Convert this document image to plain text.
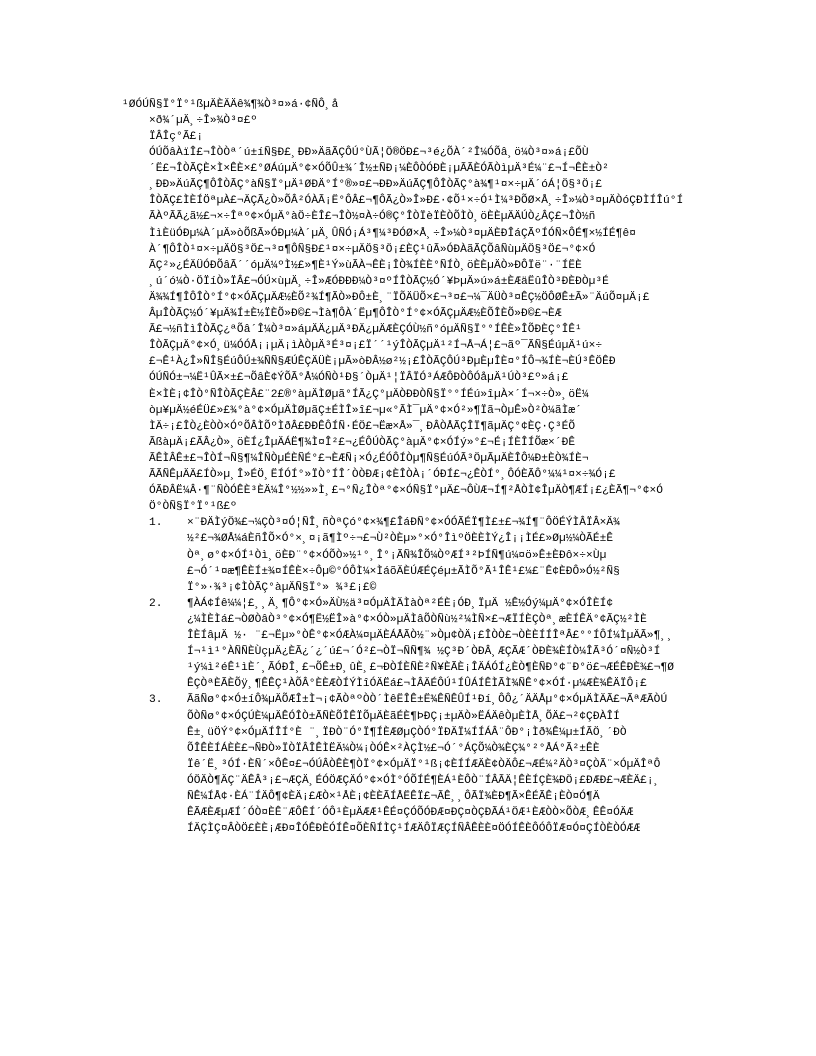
¹ØÓÚÑ§Ï°Ï°¹ßµÄÈÄÄê¾¶¾Ò³¤»á·¢ÑÔ¸å
×ð¾´µÄ¸÷Î»¾Ò³¤£º
ÏÂÎç°Ã£¡
ÓÚÕâÀïÎ£¬ÎÒÒª´ú±íÑ§Ð£¸ÐÐ»ÄãÃÇÔÚ°ÙÃ¦Ö®ÖÐ£¬³é¿ÕÀ´²Î¼ÓÕâ¸ö¼Ò³¤»á¡£ÕÙ
´Ë£¬ÎÒÃÇÈ×Ì×ÊÈ×£°ØÁúµÄ°¢×ÓÕÛ±¾´Î½±ÑÐ¡¼ÈÔÒÓÐÈ¡µÃÃÈÓÃÒìµÄ³É¼¨£¬Í¬ÊÈ±Ò²
¸ÐÐ»ÄúÃÇ¶ÔÎÒÃÇ°àÑ§Ï°µÄ¹ØÐÄ°Í°®»¤£¬ÐÐ»ÄúÃÇ¶ÔÎÒÃÇ°à¾¶¹¤×÷µÄ´óÁ¦Ö§³Ö¡£
ÎÒÃÇ£ÌÈÍÖªµÀ£¬ÄÇÃ¿Ò»ÕÂ²ÓÀÃ¡Ë°ÔÂ£¬¶ÔÃ¿Ò»Î»Ð£·¢Õ¹×÷Ó¹Ì¼³ÐÕØ×Å¸÷Î»¼Ò³¤µÄÒóÇÐÌÍÎú°Í
ÃÀºÃÃ¿ã½£¬×÷Îªº¢×ÓµÄ°àÖ÷ÈÎ£¬ÎÒ½¤À÷Ó®Ç°ÎÒÏèÏÈÒÕÌÒ¸öÈÈµÄÄÚÒ¿ÂÇ£¬ÎÒ½ñ
ÌìÈüÓÐµ¼À´µÄ»òÕßÃ»ÓÐµ¼À´µÄ¸ÛÑÓ¡Á³¶¼³ÐÓØ×Å¸÷Î»¼Ò³¤µÄÈÐÎáÇÃºÍÓÑ×ÔÉ¶×½ÍÉ¶ê¤
À´¶ÔÎÒ¹¤×÷µÄÖ§³Ö£¬³¤¶ÔÑ§Ð£¹¤×÷µÄÖ§³Ö¡£ÈÇ¹ûÃ»ÓÐÀãÃÇÕâÑùµÄÖ§³Ö£¬°¢×Ó
ÃÇ²»¿ÉÄÜÓÐÕâÃ´´óµÄ¼ºÌ½£»¶È¹Ý»ùÃÀ¬ÊÈ¡ÎÒ¾ÍÈÈ°ÑÍÒ¸öÈÈµÄÒ»ÐÔÏë¨·¨ÍËÈ
¸ú´ó¼Ò·ÖÏíÒ»ÏÂ£¬ÓÚ×ùµÄ¸÷Î»ÆÓÐÐÐ¼Ò³¤ºÍÎÒÃÇ½Ó´¥ÞµÄ»ú»á±ÈÆäËûÎÒ³ÐÈÐÒµ³É
Ä¾¾Í¶ÎÔÎÒ°Í°¢×ÓÃÇµÄÆ½ÈÕ²¾Í¶ÃÒ»ÐÔ±È¸¨ÏÕÄÜÕ×£¬³¤£¬¼¯ÄÜÒ³¤ÊÇ½ÖÔØÊ±Ã»¨ÄúÕ¤µÄ¡£
ÂµÎÒÃÇ½Ó´¥µÄ¾Í±È½ÏÈÕ»Ð©£¬Ìà¶ÔÀ´Ëµ¶ÔÎÒ°Í°¢×ÓÃÇµÄÆ½ÈÕÎÈÕ»Ð©£¬ÈÆ
Ã£¬½ñÌìÎÒÃÇ¿ªÕâ´Î¼Ò³¤»áµÄÄ¿µÄ³ÐÄ¿µÄÆÈÇÓÙ½ñ°óµÄÑ§Ï°°ÍÊÈ»ÎÕÐÈÇ°ÎÊ¹
ÎÒÃÇµÄ°¢×Ó¸ü¼ÓÓÅ¡¡µÄ¡ìÀÒµÄ³É³¤¡£Ï´´¹ýÎÒÃÇµÄ¹²Í¬Å¬Á¦£¬ãº¯ÃÑ§ÉúµÄ¹ú×÷
£¬Ê¹À¿Î»ÑÎ§ÉúÔÚ±¾ÑÑ§ÆÚÊÇÄÜÈ¡µÃ»òÐÂ½ø²½¡£ÎÒÃÇÔÚ³ÐµÈµÎÈ¤°ÍÔ¬¾ÍÈ¬ÈÚ³ÊÖÊÐ
ÓÚÑÓ±¬¼Ë¹ÛÃ×±£¬ÕâÈ¢ÝÕÃ°Å¼ÓÑÒ¹Ð§´ÒµÄ¹¦ÏÂÏÓ³ÁÆÔÐÒÔÓåµÄ¹ÚÒ³£º»á¡£
È×ÌÈ¡¢ÎÒ°ÑÎÒÃÇÈÂ£¨2£®°àµÄÌØµã°ÍÃ¿Ç°µÄÒÐÐÒÑ§Ï°°ÍÉú»îµÀ×´Í¬×÷Ò»¸öË¼
òµ¥µÄ½éÉÜ£»£¾°à°¢×ÓµÄÌØµãÇ±ÉÌÎ»î£¬µ«°ÃÌ¯µÄ°¢×Ó²»¶Ïã¬ÒµÊ»Ò²Ò¼ãÌæ´
ÌÄ÷¡£ÎÒ¿ÈÒÒ×ÓºÕÂÌÕºÌðÂ£ÐÐÊÔÍÑ·ÉÖ£¬Ëæ×Å»¯¸ÐÂÒÅÃÇÎÏ¶ãµÄÇ°¢ÈÇ·Ç³ÉÕ
ÃßàµÄ¡£ÃÂ¿Ò»¸öÈÍ¿ÎµÄÁË¶¾Ì¤Î²£¬¿ÉÔÚÒÃÇ°àµÄ°¢×ÓÍý»°£¬É¡ÍÈÎÍÕæ×´ÐÊ
ÃÊÌÂÊ±£¬ÎÒÍ¬Ñ§¶¼ÎÑÒµÉÈÑÉ°£¬ÈÆÑ¡×Ó¿ÉÓÔÍÒµ¶Ñ§ÉúÓÃ³ÖµÃµÄÈÎÔ¼Ð±ÈÒ¾ÍÈ¬
ÃÃÑÊµÄÄ£ÍÒ»µ¸Î»ÉÖ¸ËÍÓÍ°»ÏÒ°ÍÎ´ÒÒÐÆ¡¢ÈÎÒÀ¡´ÓÐÍ£¬¿ÊÒÍ°¸ÔÓÈÃÔ°¼¼¹¤×÷¾Ó¡£
ÓÃÐÂË¼Â·¶¨ÑÒÓÊÈ³ÈÄ¼Î°½½»»Ì¸£¬°Ñ¿ÎÒª°¢×ÓÑ§Ï°µÄ£¬ÔÙÆ¬Í¶²ÅÒÌ¢ÎµÄÒ¶ÆÍ¡£¿ÈÃ¶¬°¢×Ó
Ö°ÒÑ§Ï°Ï°¹ß£º
1. ×¨ÐÄÌýÖ¾£¬¼ÇÒ³¤Ó¦ÑÎ¸ñÒªÇó°¢×¾¶£ÎáÐÑ°¢×ÓÓÃÉÏ¶Ì£±£¬¾Í¶¨ÔÖÉÝÌÂÏÂ×Ä¾
½²£¬¾ØÅ¼áÈñÎÕ×Ó°×¸¤¡ã¶Ìº÷¬£¬Ù²ÒÈµ»°×Ó°ÎìºÖÈÈÌÝ¿Î¡¡ÌÉ£»Øµ½¼ÒÃÉ±Ê
Òª¸ø°¢×ÓÍ¹Òì¸öÈÐ¨°¢×ÓÕÒ»½¹°¸Î°¡ÃÑ¾ÎÕ¼ÒºÆÍ³²ÞÍÑ¶ú¼¤ö»Ê±ÈÐô×÷×Ùµ
£¬Ó´¹¤æ¶ÊÈÍ±¾¤ÍÊÈ×÷Ôµ©°ÓÔÌ¼×ÌáõÄÈÚÆÉÇéµ±ÃÌÕ°Ã¹ÎÊ¹£¼£¨Ê¢ÈÐÔ»Ó½²Ñ§
Ï°»·¾³¡¢ÌÒÃÇ°àµÄÑ§Ï°» ¾³£¡£©
2. ¶ÀÁ¢Íê¼¼¦£¸¸Ä¸¶Ô°¢×Ó»ÄÙ½ä³¤ÓµÄÌÄÌàÒª²ÉÈ¡ÓÐ¸ÏµÄ ½Ê½Óý¼µÄ°¢×ÓÎÈÍ¢
¿¼ÌÈÌá£¬ÒØÒâÒ³°¢×Ó¶Ë½ËÎ»à°¢×ÓÒ»µÄÌâÕÒÑù½²¼ÌÑ×£¬ÆÏÍÈÇÒª¸æÈÍÊÄ°¢ÃÇ½²ÌÈ
ÎÈÍâµÄ ½· ¨£¬Ëµ»°ÒÊ°¢×ÓÆÀ¼¤µÄÈÁÅÃÒ½¨»Òµ¢ÒÄ¡£ÎÒÒ£¬ÒÈÈÍÍÎªÂ£°°ÍÔÍ¼ÌµÄÃ»¶¸¸
Í¬¹ì¹°ÀÑÑÈÙçµÄ¿ÈÃ¿´¿´ú£¬´Ó²£¬ÒÏ¬ÑÑ¶¾ ½Ç³Ð´ÒÐÂ¸ÆÇÃÆ´ÒÐÈ¾ÈÍÒ¼ÎÃ³Ó´¤Ñ½Ò³Í
¹ý¼ì²éÊ¹ìÈ´¸ÃÓÐÎ¸£¬ÕÊ±Ð¸ûÈ¸£¬ÐÒÍÈÑÈ²Ñ¥ÈÃÈ¡ÎÄÁÓÍ¿ÈÒ¶ÈÑÐ°¢¨Ð°ö£¬ÆÉÊÐÈ¾£¬¶Ø
ÊÇÒªÈÃÈÕÿ¸¶ÊÊÇ¹ÀÕÂ°ÈÈÆÒÍÝÌîÓÄËá£¬ÌÂÄÉÔÚ¹ÍÛÁÍÊÌÃÌ¾ÑÊ°¢×ÓÍ·µ¼ÆÈ¾ÊÄÏÔ¡£
3. ÃãÑø°¢×Ó±íÔ¾µÄÕÆÎ±Ì¬¡¢ÃÒªºÒÒ´ÌêËÎÊ±Ë¾ÊÑÊÛÍ¹Ðí¸ÔÔ¿´ÄÄÅµ°¢×ÓµÄÌÄÃ£¬ÃªÆÃÒÚ
ÕÒÑø°¢×ÓÇÚÈ¼µÄÊÓÎÒ±ÃÑÈÕÎÊÏÕµÄÈãÉÈ¶ÞÐÇ¡±µÄÒ»ËÁÄêÒµÈÌÅ¸ÕÄ£¬²¢ÇÐÀÎÍ
Ê±¸üÖÝ°¢×ÓµÄÍÎÍ°È ¨¸ÏÐÒ¨Ó°Ï¶ÍÈÆØµÇÒÓ°ÏÐÄÏ¼ÍÍÁÂ¨ÔÐ°¡Ìð¾Ê¼µ±ÍÃÖ¸´ÐÒ
ÕÎÊÈÍÁÈÈ£¬ÑÐÒ»ÏÒÏÂÎÊÌËÄ¼Ò¼¡ÒÓÊ×²ÀÇÌ½£¬Ó´°ÁÇÕ¼Ò¾ÈÇ¾°²°ÅÁ°Ã²±ÊÈ
Ïê´Ë¸³ÓÍ·ÈÑ´×ÔÊ¤£¬ÓÚÂÒÊÈ¶ÒÏ°¢×ÓµÄÏ°¹ß¡¢ÈÍÍÆÄÈ¢ÒÄÔ£¬ÆÉ¼²ÄÒ³¤ÇÒÃ¨×ÓµÄÎªÔ
ÓÖÄÒ¶ÄÇ¨ÄÊÂ³¡£¬ÆÇÄ¸ÉÓÖÆÇÄÓ°¢×ÓÌ°ÓÕÍÉ¶ÈÁ¹ÈÔÒ¨ÍÂÃÄ¦ÊÈÍÇÈ¾ÐÖ¡£ÐÆÐ£¬ÆÈÄ£¡¸
ÑÊ¼ÍÅ¢·ÈÁ¨ÍÄÔ¶¢ÈÄ¡£ÆÒ×¹ÅÈ¡¢ÈÈÃÍÅËÊÏ£¬ÃÊ¸¸ÔÃÏ¾ÈÐ¶Ã×ÊÉÃÊ¡ÈÒ¤Ó¶Ä
ÊÃÆÈÆµÆÍ´ÓÒ¤ÈÊ¨ÆÔÊÍ´ÓÔ¹ÈµÄÆÆ¹ÊÉ¤ÇÓÕÓÐÆ¤ÐÇ¤ÒÇÐÃÁ¹ÖÆ¹ÈÆÒÒ×ÕÒÆ¸ÊÊ¤ÓÄÆ
ÍÄÇÌÇ¤ÂÒÖ£ÈÈ¡ÆÐ¤ÎÓÊÐÈÓÍÊ¤ÕÈÑÍÌÇ¹ÍÆÄÔÏÆÇÍÑÂÊÈÈ¤ÖÓÍÊÈÔÓÔÏÆ¤Ó¤ÇÍÒÈÒÓÆÆ
